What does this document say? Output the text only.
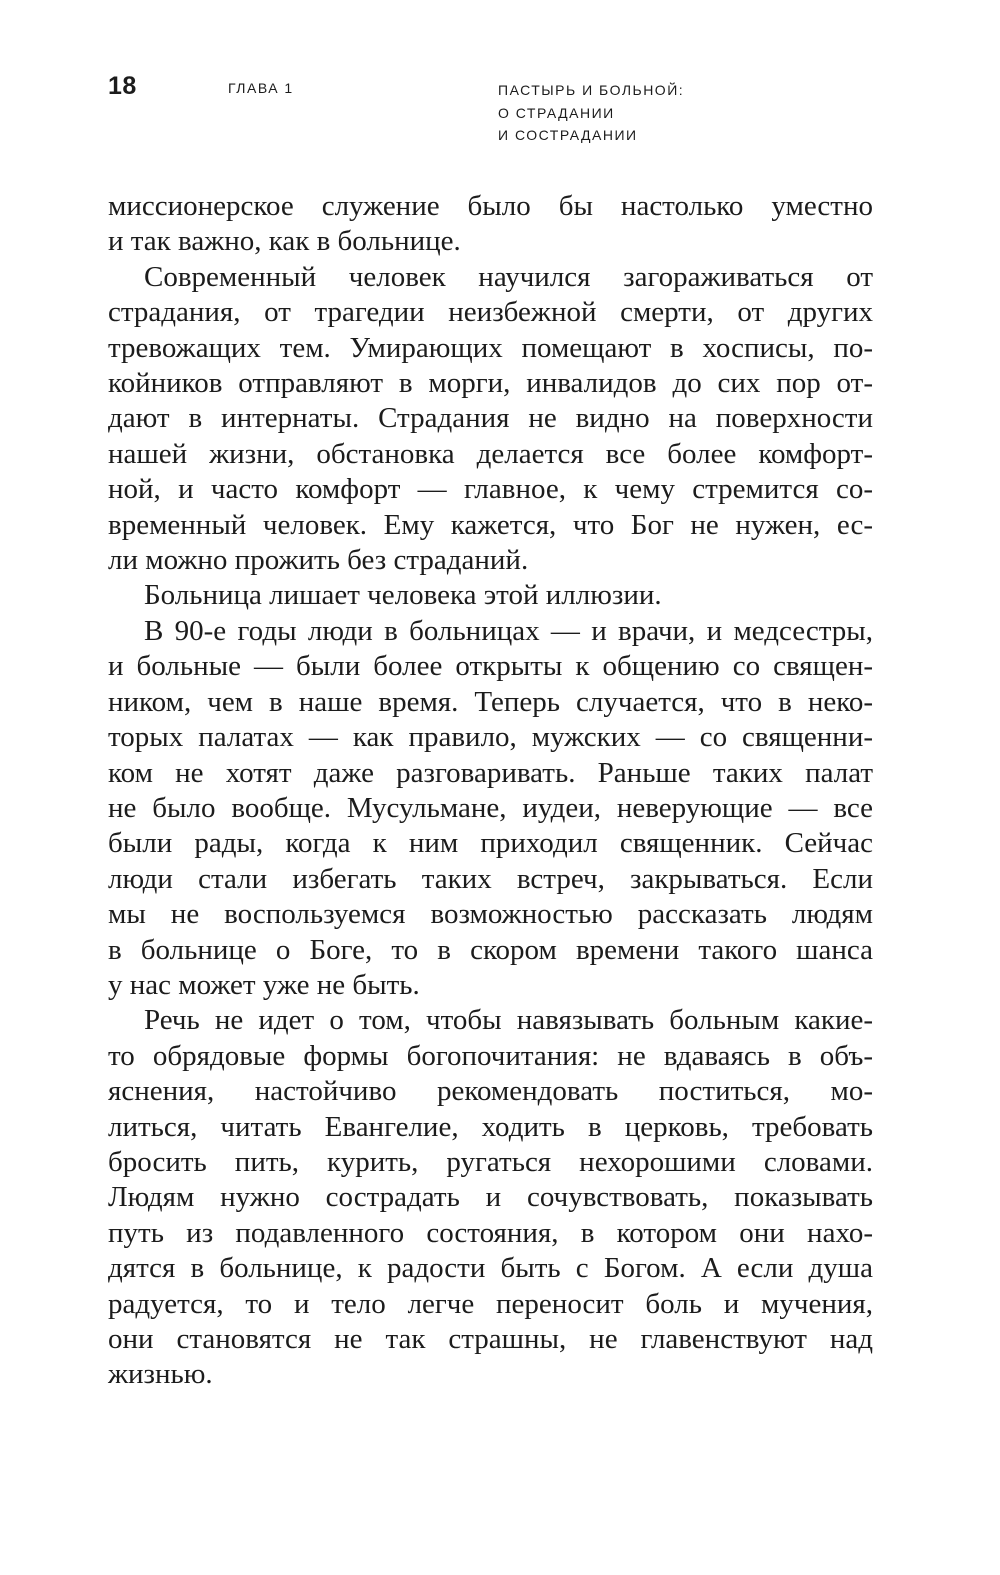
18	ГЛАВА 1	ПАСТЫРЬ И БОЛЬНОЙ:
О СТРАДАНИИ
И СОСТРАДАНИИ
миссионерское служение было бы настолько уместно
и так важно, как в больнице.
Современный человек научился загораживаться от
страдания, от трагедии неизбежной смерти, от других
тревожащих тем. Умирающих помещают в хосписы, по-
койников отправляют в морги, инвалидов до сих пор от-
дают в интернаты. Страдания не видно на поверхности
нашей жизни, обстановка делается все более комфорт-
ной, и часто комфорт — главное, к чему стремится со-
временный человек. Ему кажется, что Бог не нужен, ес-
ли можно прожить без страданий.
Больница лишает человека этой иллюзии.
В 90-е годы люди в больницах — и врачи, и медсестры,
и больные — были более открыты к общению со священ-
ником, чем в наше время. Теперь случается, что в неко-
торых палатах — как правило, мужских — со священни-
ком не хотят даже разговаривать. Раньше таких палат
не было вообще. Мусульмане, иудеи, неверующие — все
были рады, когда к ним приходил священник. Сейчас
люди стали избегать таких встреч, закрываться. Если
мы не воспользуемся возможностью рассказать людям
в больнице о Боге, то в скором времени такого шанса
у нас может уже не быть.
Речь не идет о том, чтобы навязывать больным какие-
то обрядовые формы богопочитания: не вдаваясь в объ-
яснения, настойчиво рекомендовать поститься, мо-
литься, читать Евангелие, ходить в церковь, требовать
бросить пить, курить, ругаться нехорошими словами.
Людям нужно сострадать и сочувствовать, показывать
путь из подавленного состояния, в котором они нахо-
дятся в больнице, к радости быть с Богом. А если душа
радуется, то и тело легче переносит боль и мучения,
они становятся не так страшны, не главенствуют над
жизнью.
